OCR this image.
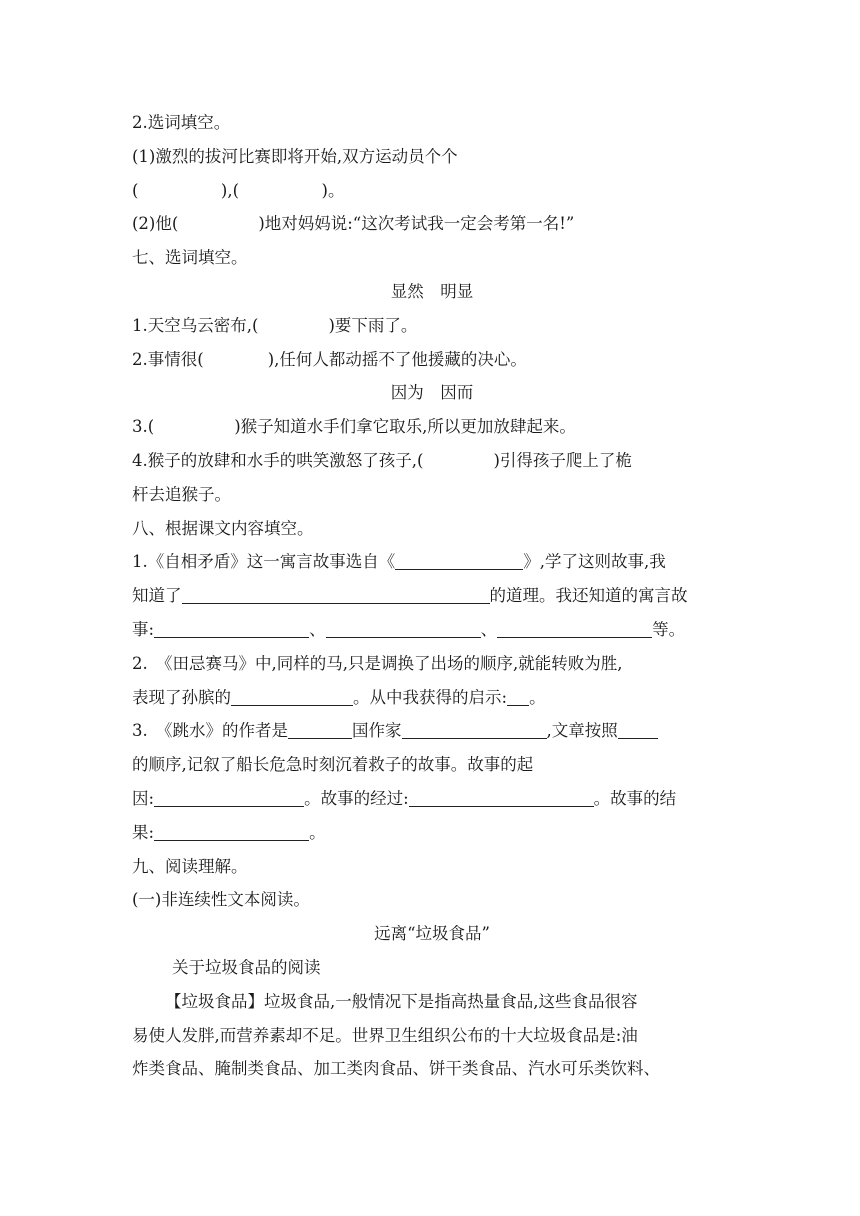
2.选词填空。
(1)激烈的拔河比赛即将开始,双方运动员个个
(　　　　　),(　　　　　)。
(2)他(	)地对妈妈说:“这次考试我一定会考第一名!”
七、选词填空。
显然　明显
1.天空乌云密布,(	)要下雨了。
2.事情很(	),任何人都动摇不了他援藏的决心。
因为　因而
3.(	)猴子知道水手们拿它取乐,所以更加放肆起来。
4.猴子的放肆和水手的哄笑激怒了孩子,(	)引得孩子爬上了桅
杆去追猴子。
八、根据课文内容填空。
1.《自相矛盾》这一寓言故事选自《	》,学了这则故事,我
知道了	的道理。我还知道的寓言故
事:	、	、	等。
2.　《田忌赛马》中,同样的马,只是调换了出场的顺序,就能转败为胜,
表现了孙膑的	。从中我获得的启示: 。
3.　《跳水》的作者是	国作家	,文章按照
的顺序,记叙了船长危急时刻沉着救子的故事。故事的起
因:	。故事的经过:	。故事的结
果:	。
九、阅读理解。
(一)非连续性文本阅读。
远离“垃圾食品”
关于垃圾食品的阅读
【垃圾食品】垃圾食品,一般情况下是指高热量食品,这些食品很容
易使人发胖,而营养素却不足。世界卫生组织公布的十大垃圾食品是:油
炸类食品、腌制类食品、加工类肉食品、饼干类食品、汽水可乐类饮料、
